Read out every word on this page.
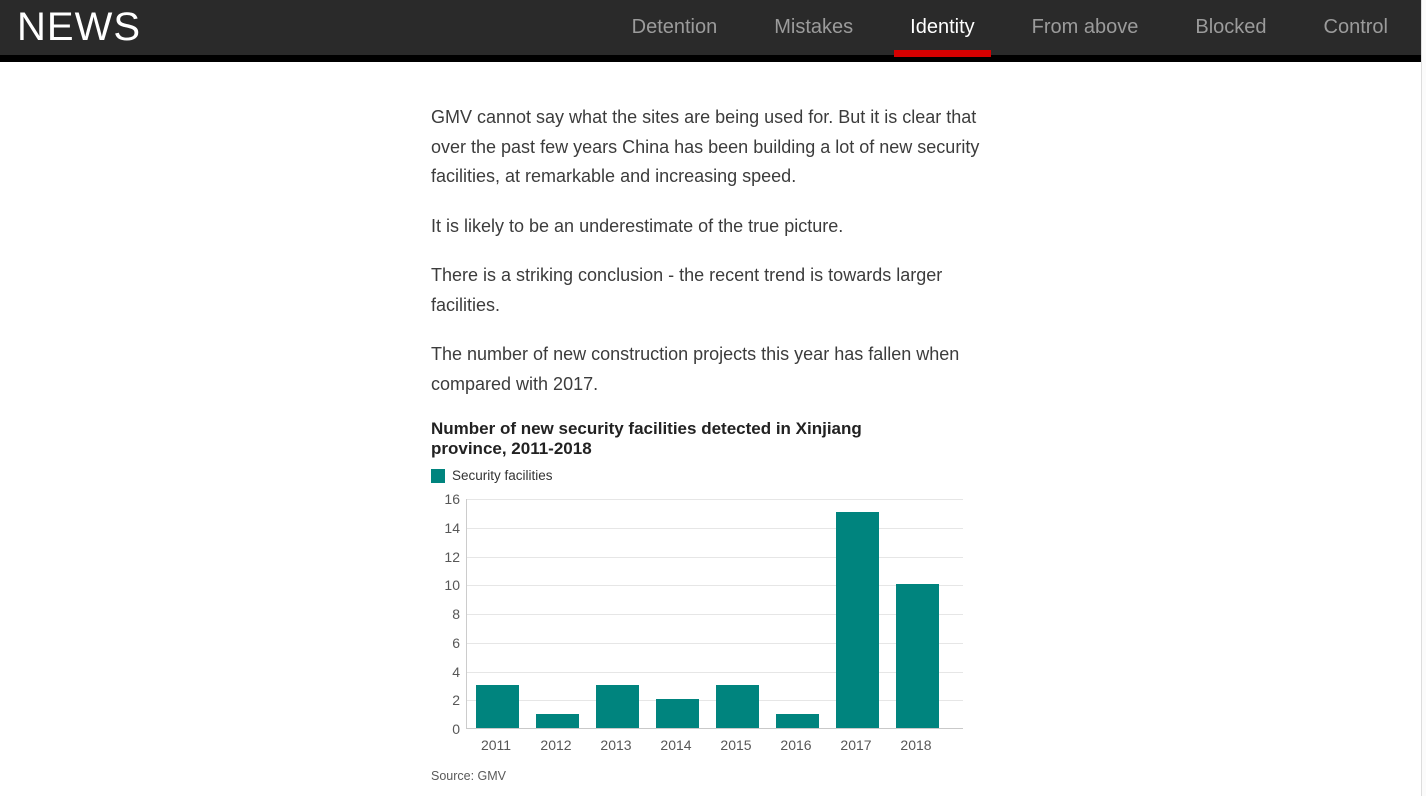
NEWS	Detention	Mistakes	Identity	From above	Blocked	Control

GMV cannot say what the sites are being used for. But it is clear that over the past few years China has been building a lot of new security facilities, at remarkable and increasing speed.

It is likely to be an underestimate of the true picture.

There is a striking conclusion - the recent trend is towards larger facilities.

The number of new construction projects this year has fallen when compared with 2017.

Number of new security facilities detected in Xinjiang province, 2011-2018
Security facilities
0
2
4
6
8
10
12
14
16
2011	2012	2013	2014	2015	2016	2017	2018
Source: GMV
